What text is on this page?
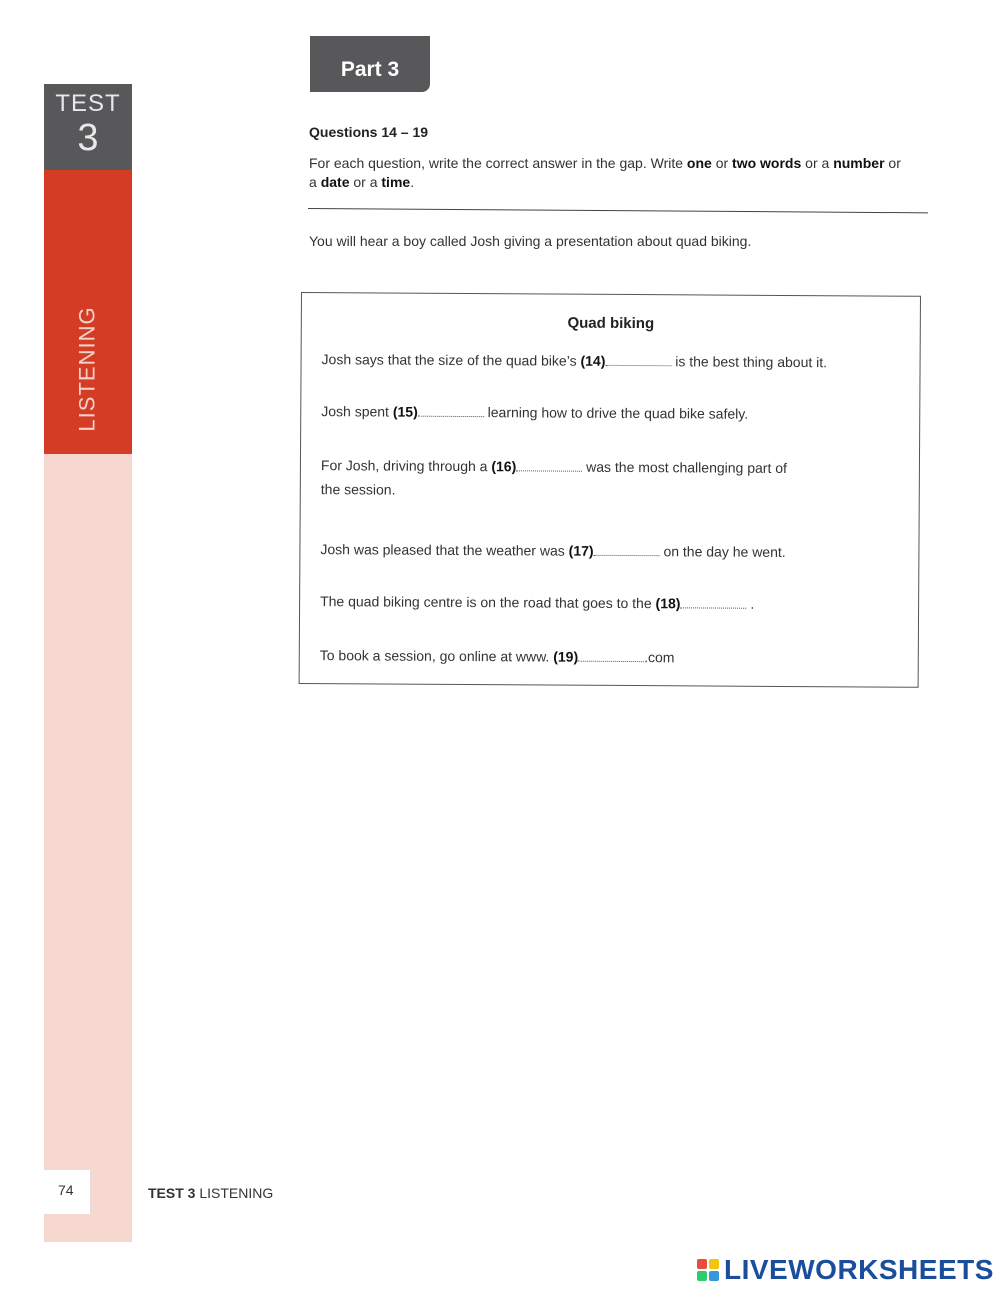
TEST
3
LISTENING
Part 3
Questions 14 – 19
For each question, write the correct answer in the gap. Write one or two words or a number or a date or a time.
You will hear a boy called Josh giving a presentation about quad biking.
Quad biking
Josh says that the size of the quad bike’s (14)	is the best thing about it.
Josh spent (15)	learning how to drive the quad bike safely.
For Josh, driving through a (16)	was the most challenging part of
the session.
Josh was pleased that the weather was (17)	on the day he went.
The quad biking centre is on the road that goes to the (18)	.
To book a session, go online at www. (19)	.com
74	TEST 3 LISTENING
LIVEWORKSHEETS
